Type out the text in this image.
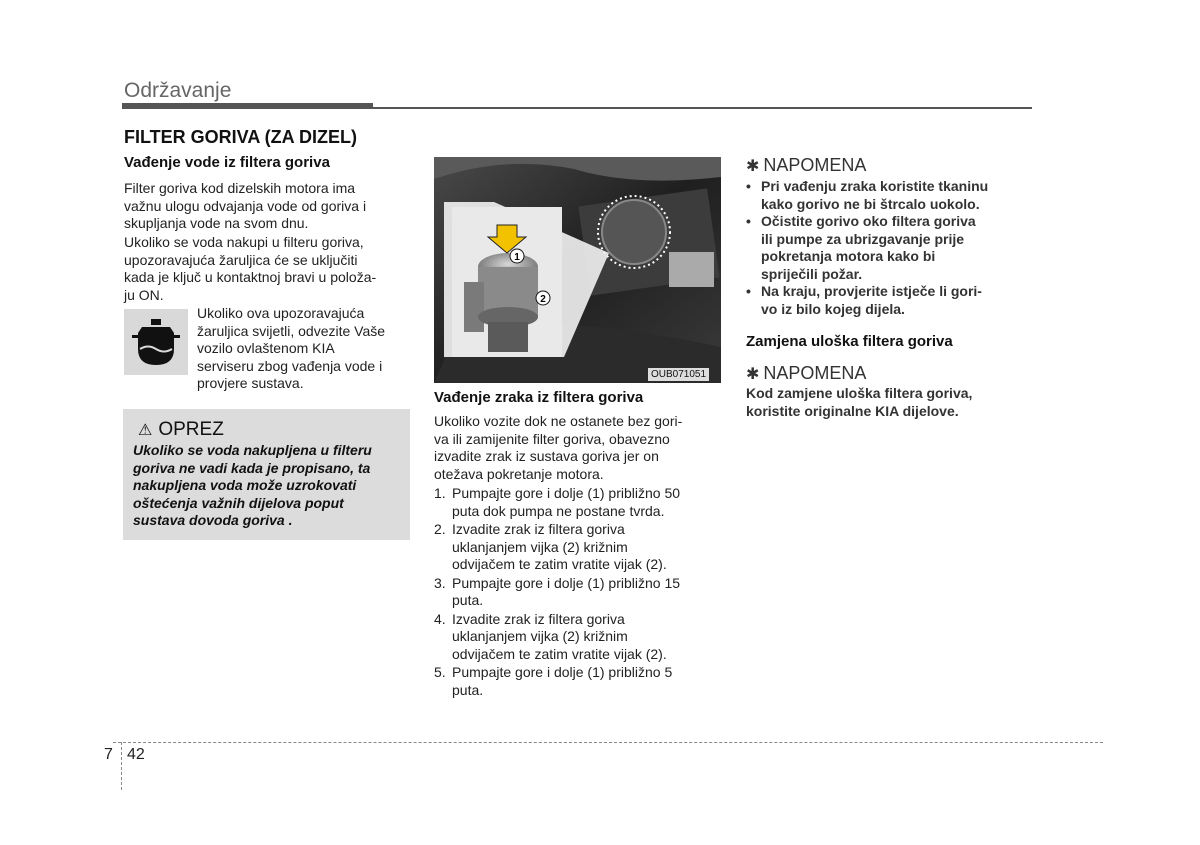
Održavanje
FILTER GORIVA (ZA DIZEL)
Vađenje vode iz filtera goriva
Filter goriva kod dizelskih motora ima
važnu ulogu odvajanja vode od goriva i
skupljanja vode na svom dnu.
Ukoliko se voda nakupi u filteru goriva,
upozoravajuća žaruljica će se uključiti
kada je ključ u kontaktnoj bravi u položa-
ju ON.
Ukoliko ova upozoravajuća
žaruljica svijetli, odvezite Vaše
vozilo ovlaštenom KIA
serviseru zbog vađenja vode i
provjere sustava.
⚠ OPREZ
Ukoliko se voda nakupljena u filteru
goriva ne vadi kada je propisano, ta
nakupljena voda može uzrokovati
oštećenja važnih dijelova poput
sustava dovoda goriva .
1
2
OUB071051
Vađenje zraka iz filtera goriva
Ukoliko vozite dok ne ostanete bez gori-
va ili zamijenite filter goriva, obavezno
izvadite zrak iz sustava goriva jer on
otežava pokretanje motora.
1. Pumpajte gore i dolje (1) približno 50
puta dok pumpa ne postane tvrda.
2. Izvadite zrak iz filtera goriva
uklanjanjem vijka (2) križnim
odvijačem te zatim vratite vijak (2).
3. Pumpajte gore i dolje (1) približno 15
puta.
4. Izvadite zrak iz filtera goriva
uklanjanjem vijka (2) križnim
odvijačem te zatim vratite vijak (2).
5. Pumpajte gore i dolje (1) približno 5
puta.
✱ NAPOMENA
• Pri vađenju zraka koristite tkaninu
kako gorivo ne bi štrcalo uokolo.
• Očistite gorivo oko filtera goriva
ili pumpe za ubrizgavanje prije
pokretanja motora kako bi
spriječili požar.
• Na kraju, provjerite istječe li gori-
vo iz bilo kojeg dijela.
Zamjena uloška filtera goriva
✱ NAPOMENA
Kod zamjene uloška filtera goriva,
koristite originalne KIA dijelove.
7 42
